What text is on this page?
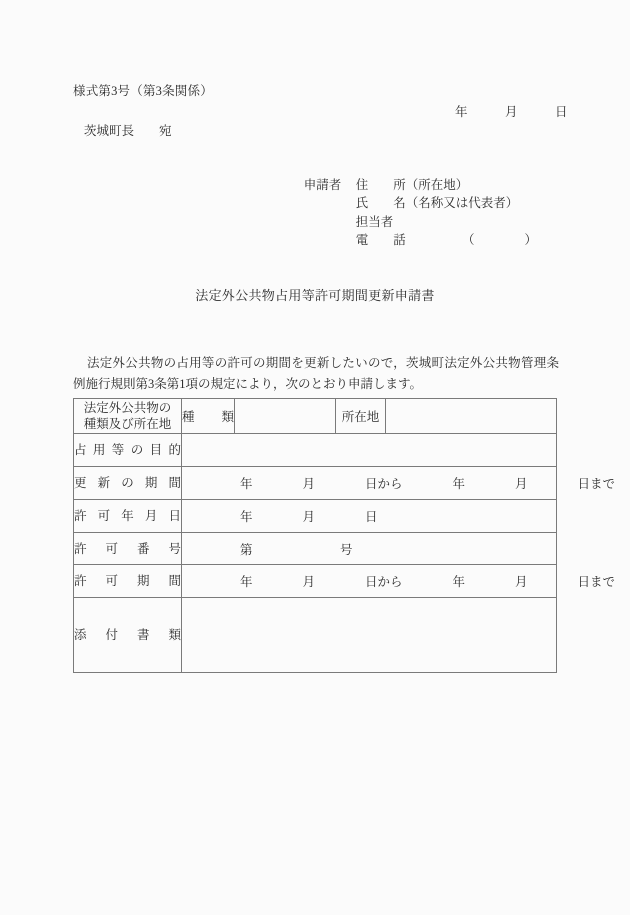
様式第3号（第3条関係）
年　　　月　　　日
茨城町長　　宛

申請者 住　　所（所在地）

氏　　名（名称又は代表者）

担当者

電　　話　　　　　（　　　　）

法定外公共物占用等許可期間更新申請書
法定外公共物の占用等の許可の期間を更新したいので，茨城町法定外公共物管理条例施行規則第3条第1項の規定により，次のとおり申請します。
法定外公共物の
種類及び所在地	種　類		所在地	
占用等の目的				
更新の期間	年　　　　月　　　　日から　　　　年　　　　月　　　　日まで			

許可年月日	年　　　　月　　　　日			

許可番号	第　　　　　　　号			

許可期間	年　　　　月　　　　日から　　　　年　　　　月　　　　日まで			

添付書類				
